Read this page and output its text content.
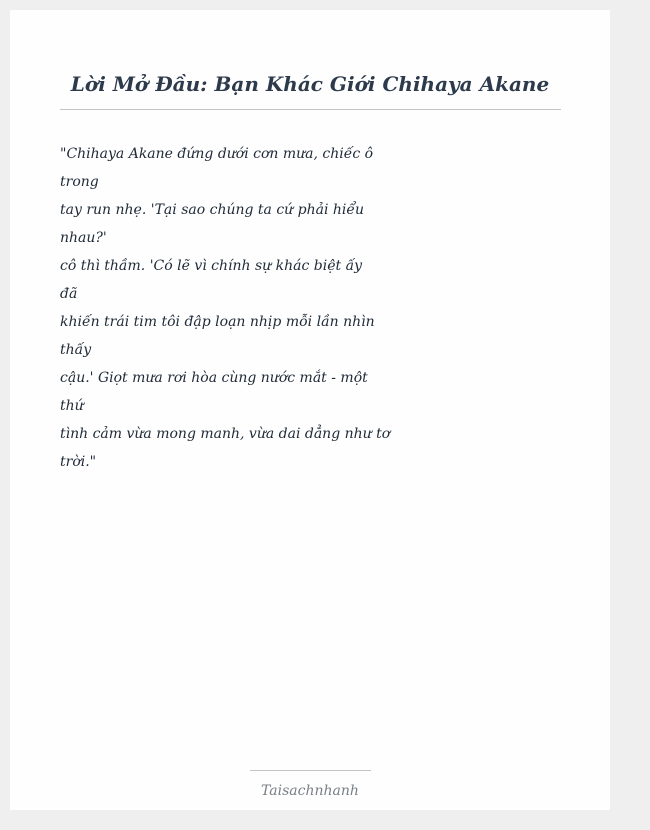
Lời Mở Đầu: Bạn Khác Giới Chihaya Akane
"Chihaya Akane đứng dưới cơn mưa, chiếc ô
trong
tay run nhẹ. 'Tại sao chúng ta cứ phải hiểu
nhau?'
cô thì thầm. 'Có lẽ vì chính sự khác biệt ấy
đã
khiến trái tim tôi đập loạn nhịp mỗi lần nhìn
thấy
cậu.' Giọt mưa rơi hòa cùng nước mắt - một
thứ
tình cảm vừa mong manh, vừa dai dẳng như tơ
trời."
Taisachnhanh
